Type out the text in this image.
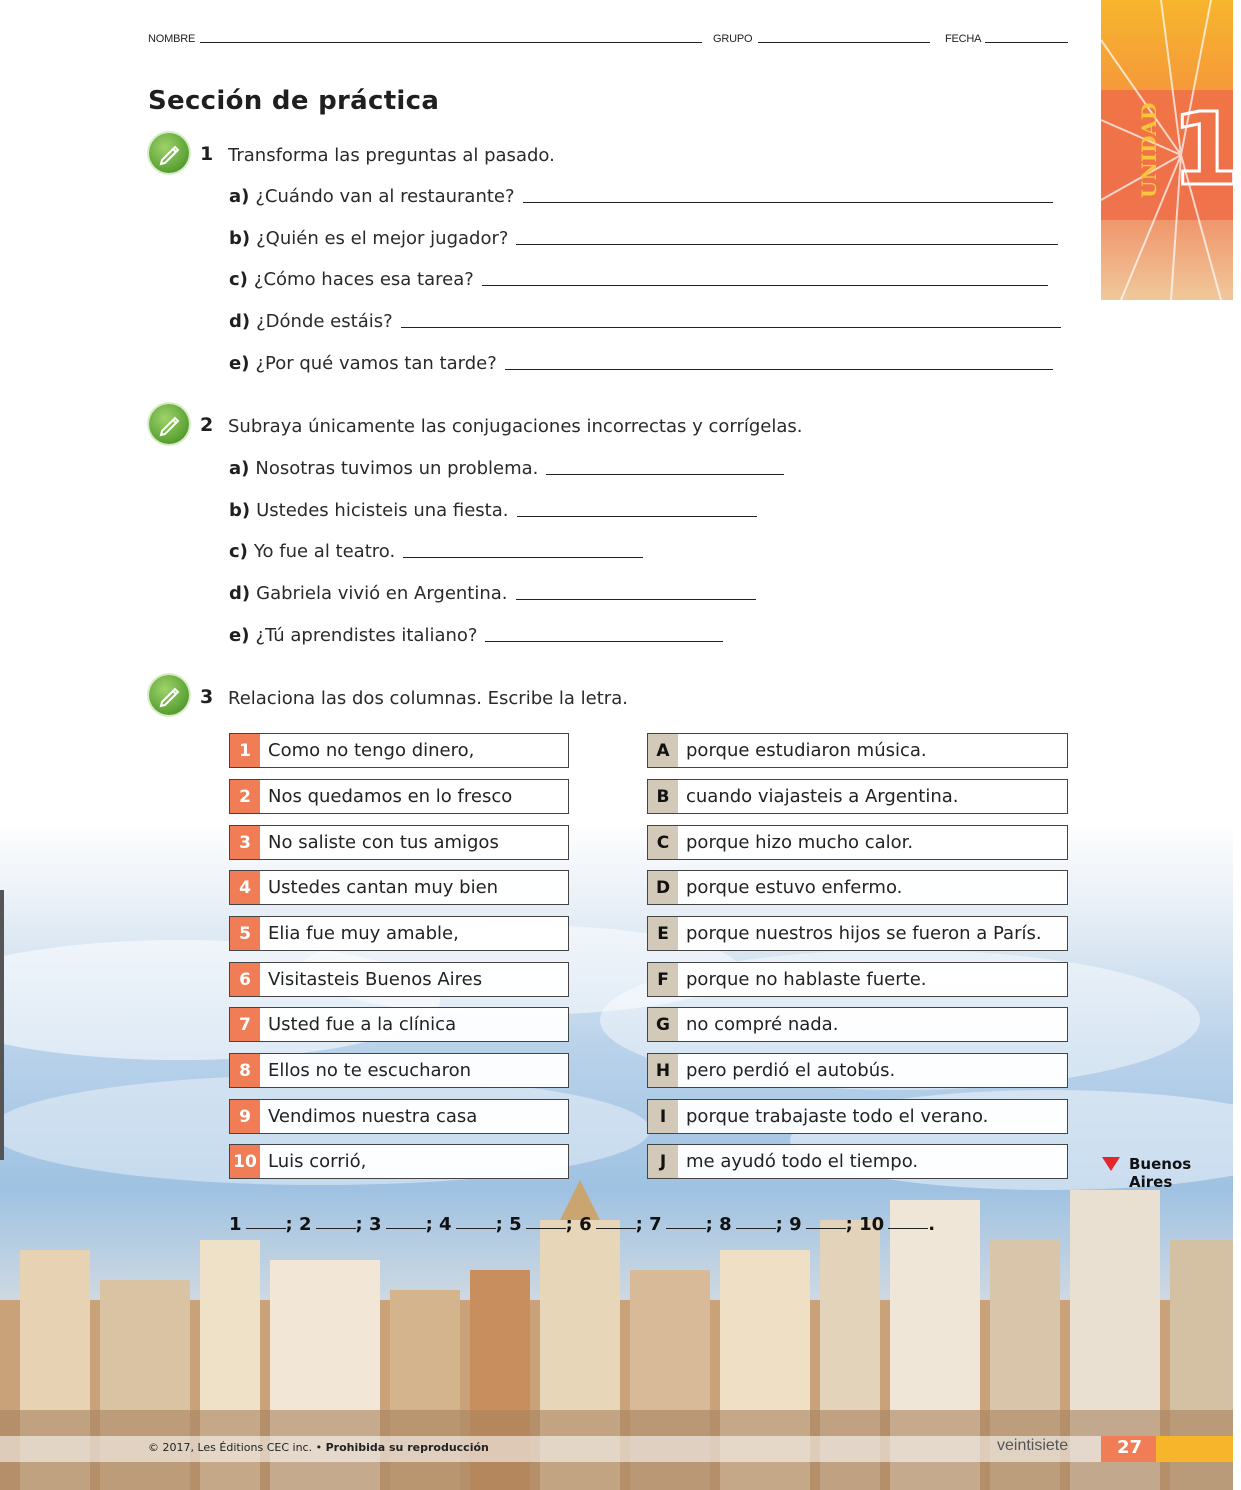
NOMBRE	GRUPO	FECHA
UNIDAD 1
Sección de práctica
1 Transforma las preguntas al pasado.
a) ¿Cuándo van al restaurante?
b) ¿Quién es el mejor jugador?
c) ¿Cómo haces esa tarea?
d) ¿Dónde estáis?
e) ¿Por qué vamos tan tarde?
2 Subraya únicamente las conjugaciones incorrectas y corrígelas.
a) Nosotras tuvimos un problema.
b) Ustedes hicisteis una fiesta.
c) Yo fue al teatro.
d) Gabriela vivió en Argentina.
e) ¿Tú aprendistes italiano?
3 Relaciona las dos columnas. Escribe la letra.
1 Como no tengo dinero,
2 Nos quedamos en lo fresco
3 No saliste con tus amigos
4 Ustedes cantan muy bien
5 Elia fue muy amable,
6 Visitasteis Buenos Aires
7 Usted fue a la clínica
8 Ellos no te escucharon
9 Vendimos nuestra casa
10 Luis corrió,
A porque estudiaron música.
B cuando viajasteis a Argentina.
C porque hizo mucho calor.
D porque estuvo enfermo.
E porque nuestros hijos se fueron a París.
F porque no hablaste fuerte.
G no compré nada.
H pero perdió el autobús.
I	porque trabajaste todo el verano.
J	me ayudó todo el tiempo.	Buenos
Aires
1 ; 2 ; 3 ; 4 ; 5 ; 6 ; 7 ; 8 ; 9 ; 10 .
© 2017, Les Éditions CEC inc. • Prohibida su reproducción	veintisiete	27
